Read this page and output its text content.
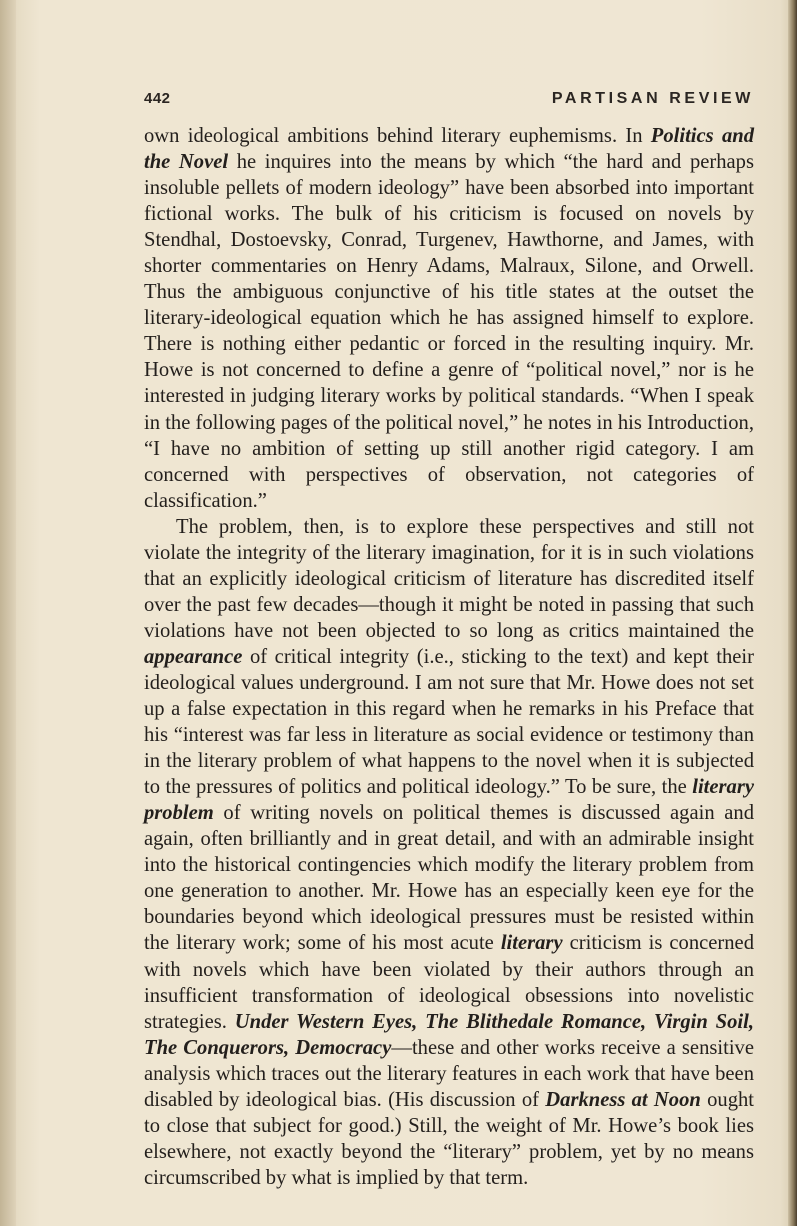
442	PARTISAN REVIEW

own ideological ambitions behind literary euphemisms. In Politics and the Novel he inquires into the means by which “the hard and perhaps insoluble pellets of modern ideology” have been absorbed into important fictional works. The bulk of his criticism is focused on novels by Stendhal, Dostoevsky, Conrad, Turgenev, Hawthorne, and James, with shorter commentaries on Henry Adams, Malraux, Silone, and Orwell. Thus the ambiguous conjunctive of his title states at the outset the literary-ideological equation which he has assigned himself to explore. There is nothing either pedantic or forced in the resulting inquiry. Mr. Howe is not concerned to define a genre of “political novel,” nor is he interested in judging literary works by political standards. “When I speak in the following pages of the political novel,” he notes in his Introduction, “I have no ambition of setting up still another rigid category. I am concerned with perspectives of observation, not categories of classification.”

The problem, then, is to explore these perspectives and still not violate the integrity of the literary imagination, for it is in such violations that an explicitly ideological criticism of literature has discredited itself over the past few decades—though it might be noted in passing that such violations have not been objected to so long as critics maintained the appearance of critical integrity (i.e., sticking to the text) and kept their ideological values underground. I am not sure that Mr. Howe does not set up a false expectation in this regard when he remarks in his Preface that his “interest was far less in literature as social evidence or testimony than in the literary problem of what happens to the novel when it is subjected to the pressures of politics and political ideology.” To be sure, the literary problem of writing novels on political themes is discussed again and again, often brilliantly and in great detail, and with an admirable insight into the historical contingencies which modify the literary problem from one generation to another. Mr. Howe has an especially keen eye for the boundaries beyond which ideological pressures must be resisted within the literary work; some of his most acute literary criticism is concerned with novels which have been violated by their authors through an insufficient transformation of ideological obsessions into novelistic strategies. Under Western Eyes, The Blithedale Romance, Virgin Soil, The Conquerors, Democracy—these and other works receive a sensitive analysis which traces out the literary features in each work that have been disabled by ideological bias. (His discussion of Darkness at Noon ought to close that subject for good.) Still, the weight of Mr. Howe’s book lies elsewhere, not exactly beyond the “literary” problem, yet by no means circumscribed by what is implied by that term.
